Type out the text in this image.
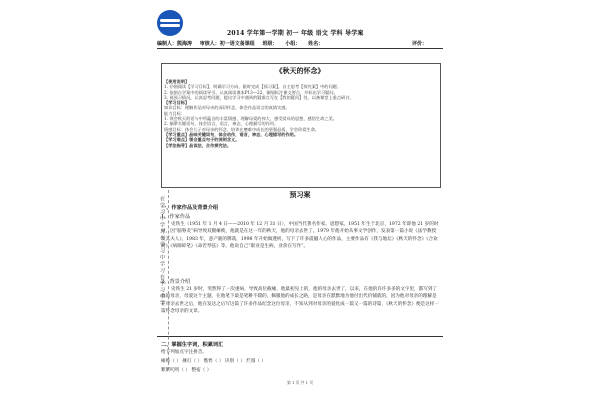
2014 学年第一学期 初一 年级 语文 学科 导学案
编制人：熊海涛 审核人：初一语文备课组 班级： 小组： 姓名：	评价：
《秋天的怀念》
【使用说明】
1. 仔细阅读【学习目标】，明确学习方向，限时完成【预习案】，自主思考【探究案】中的问题。
2. 依据自学案中的阅读导引，认真阅读课本P13—22，圈划标注课文要点，并标出学习疑问。
3. 视预习情况，认真思考问题，提出学习中遇到的疑难点写在【我的疑问】处，以备课堂上重点研讨。
【学习目标】
知识目标：理解作品对母亲的深切怀念，体会作品语言的真情实感。
能力目标：
1. 领会秋天的话与中所蕴含的丰富情感，理解母爱的伟大，感受爱母的思想，感悟生命之美。
2. 揣摩关键语句，体会语言，语言，神态，心理描写的作用。
情感目标：体会儿子对母亲的怀念，培养在磨难中成长的坚强品质，学会珍爱生命。
【学习重点】品味关键词句，体会动作，语言，神态，心理描写的作用。
【学习难点】领会重点句子的深刻含义。
【学法指导】品读法，合作探究法。
预习案
一、作家作品及背景介绍
1、作家作品
史铁生（1951 年 1 月 4 日——2010 年 12 月 31 日），中国当代著名作家，思想家。1951 年生于北京，1972 年即他 21 岁的时候，因“脑脊炎”病导致双腿瘫痪，他就是在这一年的秋天，他的母亲去世了。1979 年他开始从事文学创作，发表第一篇小说《法学教授及其夫人》，1983 年，意产鹿的牌栽，1998 年开始做透析，写下了许多震撼人心的作品，主要作品有《我与地坛》《秋天的怀念》《合欢树》《病隙碎笔》《命若琴弦》等，他说自己“职业是生病，业余在写作”。
2、背景介绍
史铁生 21 岁时，突然得了一次重病，导致高位截瘫，他最初见上的，他的母亲去世了，以来，在他的许许多多的文字里，都写到了他的母亲，母爱这个主题，在他笔下最是笔耕不辍的，佩服他的成长之路，是母亲在默默地为他付出代价铺就的，因为他对母亲的理解是在母亲去世之后，他在发达之后写这篇了许多作品纪念这位母亲，不知从到对母亲的爱化成一篇又一篇的诗篇，《秋天的怀念》便是这样一篇怀念母亲的文章。
二、掌握生字词，积累词汇
给下列加点字注拼音。
瘫痪（ ） 捶打（ ） 憔悴（ ） 诀别（ ） 烂漫（ ）
絮絮叨叨（ ） 整宿（ ）
第 1 页 共 1 页
在学习中学习在学习中学习在学习中学
